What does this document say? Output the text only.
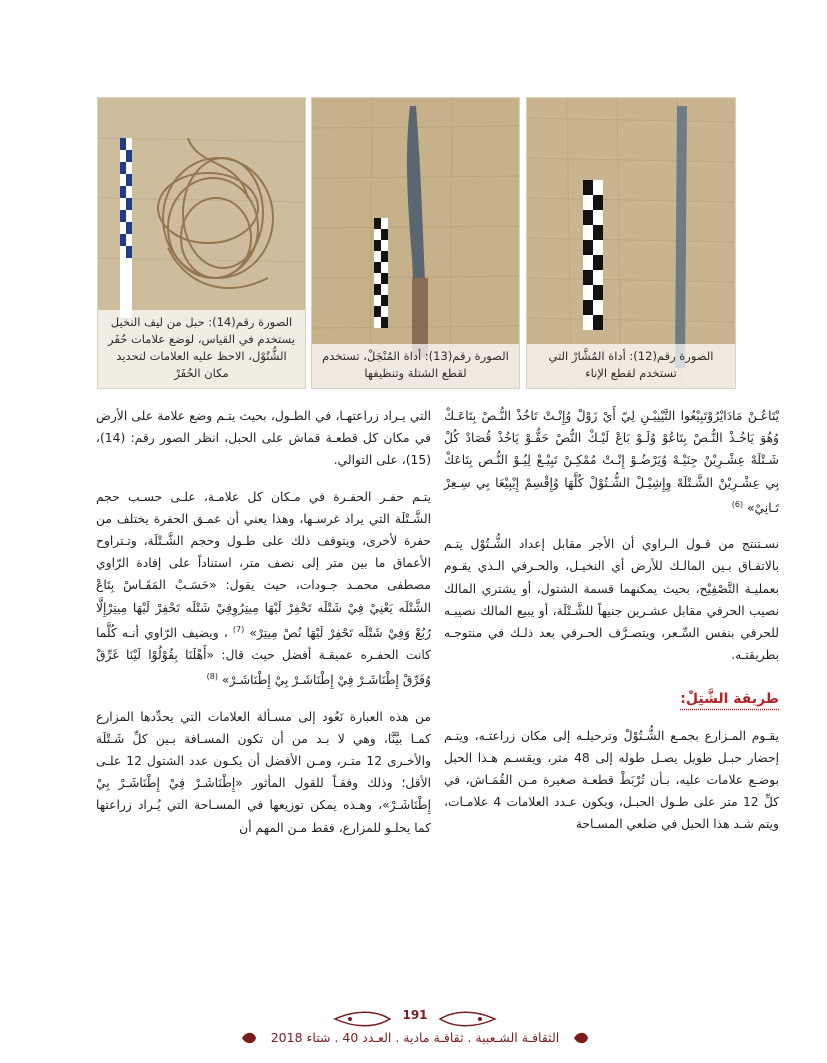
الصورة رقم(12): أداة المُشَّارْ التي تستخدم لقطع الإناء
الصورة رقم(13): أداة المُنْجَلْ، تستخدم لقطع الشتلة وتنظيفها
الصورة رقم(14): حبل من ليف النخيل يستخدم في القياس، لوضع علامات حُفَر الشُّتُوْل، الاحظ عليه العلامات لتحديد مكان الحُفَرْ

يْتَاعُـنْ مَادَايْرُوْتَبِيْعُوا التَّيْنِيْـنِ لِيّ أَيْ زَوْلْ وُإِنْـتْ تَاخُذْ النُّـصْ بِتَاعَـكْ وُهُوَ يَاخُـذْ النُّـصْ بِتَاعُوْ وُلَـوْ بَاعْ لَيْـكْ النُّصْ حَقُّـوْ يَاخُذْ قُصَادْ كُلْ شَـتْلَهْ عِشْـرِيْنْ جِنَيْـهْ وُيَرْضُـوْ إِنْـتْ مُمْكِـنْ تَبِيْـعْ لِيُـوْ النُّـص بِتَاعَكْ بِي عِشْـرِيْنْ الشَّـتْلَهْ وِإِشِيْـلْ الشُّـتُوْلْ كُلَّهَا وُإِقْسِمْ إِيْبِيْعَا بِي سِـعِرْ تَـانِيْ» $^{(6)}$

نسـتنتج من قـول الـراوي أن الأجر مقابل إعداد الشُّـتُوْل يتـم بالاتفـاق بـين المالـك للأرض أي النخيـل، والحـرفي الـذي يقـوم بعمليـة التَّصْفِيْح، بحيث يمكنهما قسمة الشتول، أو يشتري المالك نصيب الحرفي مقابل عشـرين جنيهاً للشَّـتْلَة، أو يبيع المالك نصيبـه للحرفي بنفس السِّـعر، ويتصـرَّف الحـرفي بعد ذلـك في منتوجـه بطريقتـه.

طريقة الشَّتِلْ:

يقـوم المـزارع بجمـع الشُّـتُوْلْ وترحيلـه إلى مكان زراعتـه، ويتـم إحضار حبـل طويل يصـل طوله إلى 48 متر، ويقسـم هـذا الحبل بوضـع علامات عليه، بـأن تُرْبَطْ قطعـة صغيرة مـن القُمَـاش، في كلِّ 12 متر على طـول الحبـل، ويكون عـدد العلامات 4 علامـات، ويتم شـد هذا الحبل في ضلعي المسـاحة

التي يـراد زراعتهـا، في الطـول، بحيث يتـم وضع علامة على الأرض في مكان كل قطعـة قماش على الحبل، انظر الصور رقم: (14)، (15)، على التوالي.

يتـم حفـر الحفـرة في مـكان كل علامـة، علـى حسـب حجم الشَّـتْلَة التي يراد غرسـها، وهذا يعني أن عمـق الحفرة يختلف من حفرة لأخرى، ويتوقف ذلك على طـول وحجم الشَّـتْلَة، وتـتراوح الأعماق ما بين متر إلى نصف متر، استناداً على إفادة الرّاوي مصطفى محمـد جـودات، حيث يقول: «حَسَـبْ المَقَـاسْ بِتَاعْ الشَّتْلَه يَعْنِيْ فِيْ شَتْلَه تَحْفِرْ لَيْهَا مِيتِرُوِفِيْ شَتْلَه تَحْفِرْ لَيْهَا مِيتِرْإِلَّا رُبُعْ وَفِيْ شَتْلَه تَحْفِرْ لَيْهَا نُصْ مِيتِرْ» $^{(7)}$ ، ويضيف الرّاوي أنـه كُلَّما كانت الحفـره عميقـة أفضل حيث قال: «أَهْلَنَا بِقُوْلُوْا لَيْنَا غَرِّقْ وُفَرِّقْ إِطْنَاشَـرْ فِيْ إِطْنَاشَـرْ بِيْ إِطْنَاشَـرْ» $^{(8)}$

من هذه العبارة نَعُود إلى مسـألة العلامات التي يحدِّدها المزارع كمـا بيَّنَّا، وهي لا بـد من أن تكون المسـافة بـين كلِّ شَـتْلَة والأخـرى 12 متـر، ومـن الأفضل أن يكـون عدد الشتول 12 علـى الأقل؛ وذلك وفقـاً للقول المأثور «إِطْنَاشَـرْ فِيْ إِطْنَاشَـرْ بِيْ إِطْنَاشَـرْ»، وهـذه يمكن توزيعها في المسـاحة التي يُـراد زراعتها كما يحلـو للمزارع، فقط مـن المهم أن

191
الثقافـة الشـعبية . ثقافـة مادية . العـدد 40 . شتاء 2018
